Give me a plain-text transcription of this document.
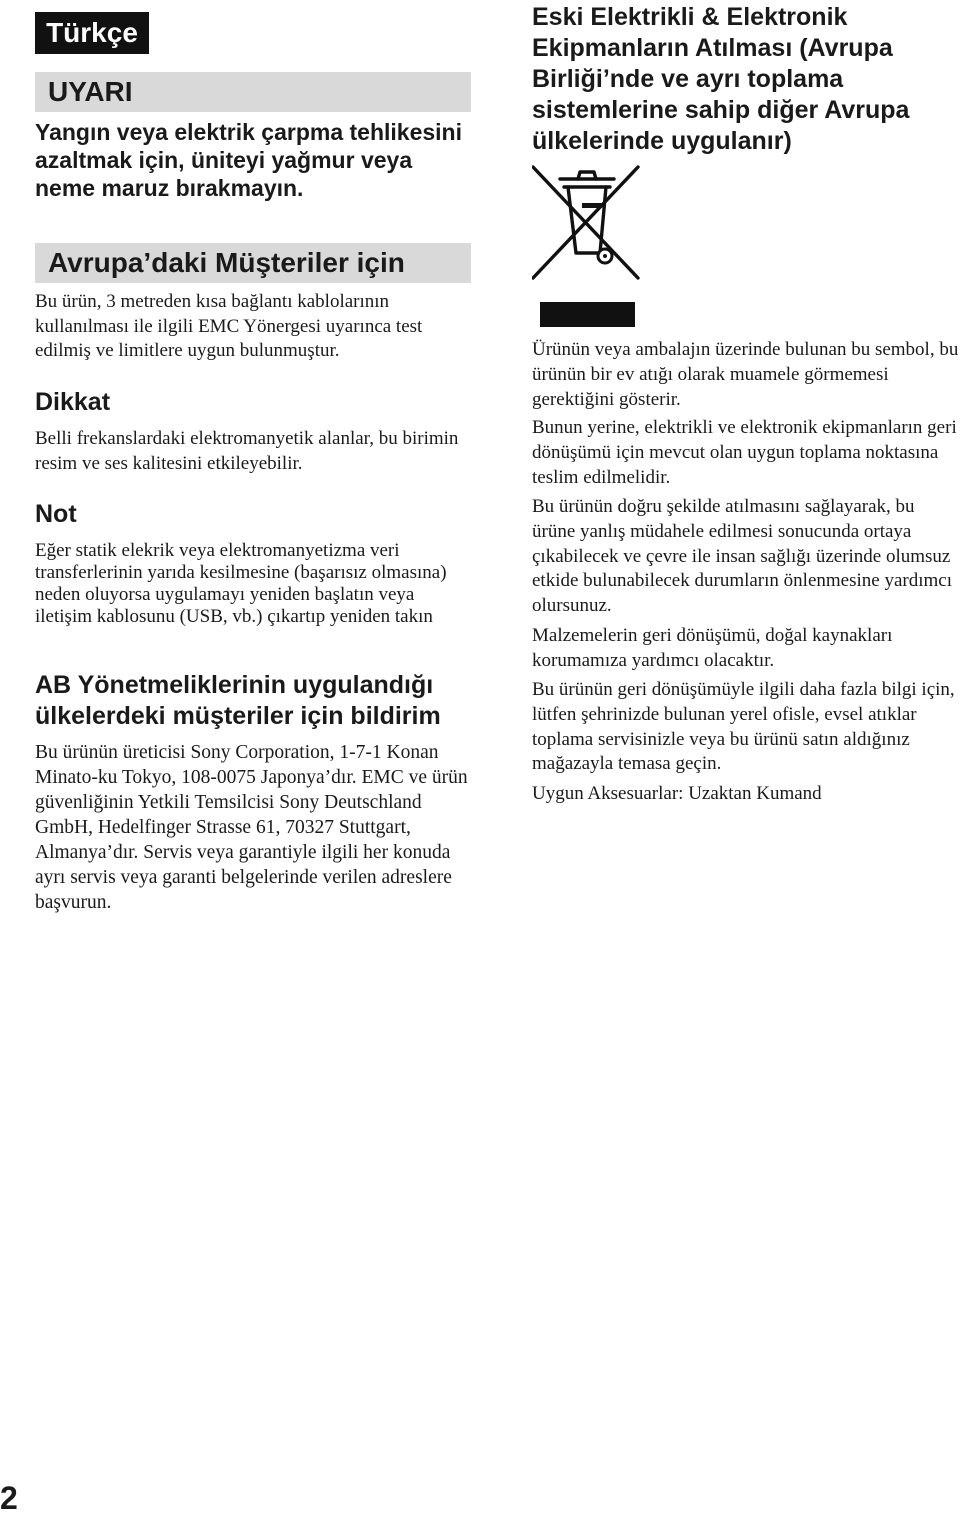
Türkçe
UYARI

Yangın veya elektrik çarpma tehlikesini azaltmak için, üniteyi yağmur veya neme maruz bırakmayın.

Avrupa’daki Müşteriler için

Bu ürün, 3 metreden kısa bağlantı kablolarının kullanılması ile ilgili EMC Yönergesi uyarınca test edilmiş ve limitlere uygun bulunmuştur.

Dikkat

Belli frekanslardaki elektromanyetik alanlar, bu birimin resim ve ses kalitesini etkileyebilir.

Not

Eğer statik elekrik veya elektromanyetizma veri transferlerinin yarıda kesilmesine (başarısız olmasına) neden oluyorsa uygulamayı yeniden başlatın veya iletişim kablosunu (USB, vb.) çıkartıp yeniden takın

AB Yönetmeliklerinin uygulandığı ülkelerdeki müşteriler için bildirim

Bu ürünün üreticisi Sony Corporation, 1-7-1 Konan Minato-ku Tokyo, 108-0075 Japonya’dır. EMC ve ürün güvenliğinin Yetkili Temsilcisi Sony Deutschland GmbH, Hedelfinger Strasse 61, 70327 Stuttgart, Almanya’dır. Servis veya garantiyle ilgili her konuda ayrı servis veya garanti belgelerinde verilen adreslere başvurun.

Eski Elektrikli & Elektronik Ekipmanların Atılması (Avrupa Birliği’nde ve ayrı toplama sistemlerine sahip diğer Avrupa ülkelerinde uygulanır)

Ürünün veya ambalajın üzerinde bulunan bu sembol, bu ürünün bir ev atığı olarak muamele görmemesi gerektiğini gösterir.

Bunun yerine, elektrikli ve elektronik ekipmanların geri dönüşümü için mevcut olan uygun toplama noktasına teslim edilmelidir.

Bu ürünün doğru şekilde atılmasını sağlayarak, bu ürüne yanlış müdahele edilmesi sonucunda ortaya çıkabilecek ve çevre ile insan sağlığı üzerinde olumsuz etkide bulunabilecek durumların önlenmesine yardımcı olursunuz.

Malzemelerin geri dönüşümü, doğal kaynakları korumamıza yardımcı olacaktır.

Bu ürünün geri dönüşümüyle ilgili daha fazla bilgi için, lütfen şehrinizde bulunan yerel ofisle, evsel atıklar toplama servisinizle veya bu ürünü satın aldığınız mağazayla temasa geçin.

Uygun Aksesuarlar: Uzaktan Kumand

2
